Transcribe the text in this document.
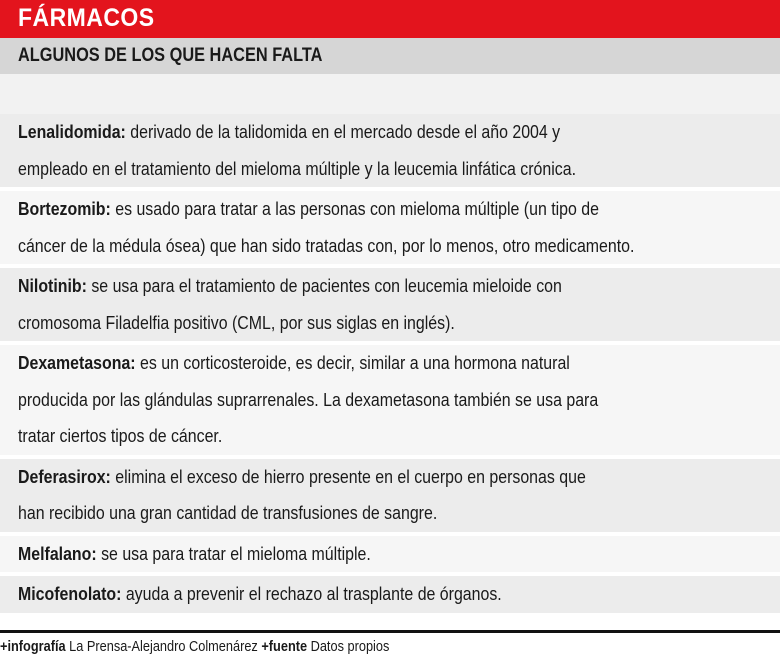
FÁRMACOS
ALGUNOS DE LOS QUE HACEN FALTA
Lenalidomida: derivado de la talidomida en el mercado desde el año 2004 y
empleado en el tratamiento del mieloma múltiple y la leucemia linfática crónica.
Bortezomib: es usado para tratar a las personas con mieloma múltiple (un tipo de
cáncer de la médula ósea) que han sido tratadas con, por lo menos, otro medicamento.
Nilotinib: se usa para el tratamiento de pacientes con leucemia mieloide con
cromosoma Filadelfia positivo (CML, por sus siglas en inglés).
Dexametasona: es un corticosteroide, es decir, similar a una hormona natural
producida por las glándulas suprarrenales. La dexametasona también se usa para
tratar ciertos tipos de cáncer.
Deferasirox: elimina el exceso de hierro presente en el cuerpo en personas que
han recibido una gran cantidad de transfusiones de sangre.
Melfalano: se usa para tratar el mieloma múltiple.
Micofenolato: ayuda a prevenir el rechazo al trasplante de órganos.
+infografía La Prensa-Alejandro Colmenárez +fuente Datos propios
